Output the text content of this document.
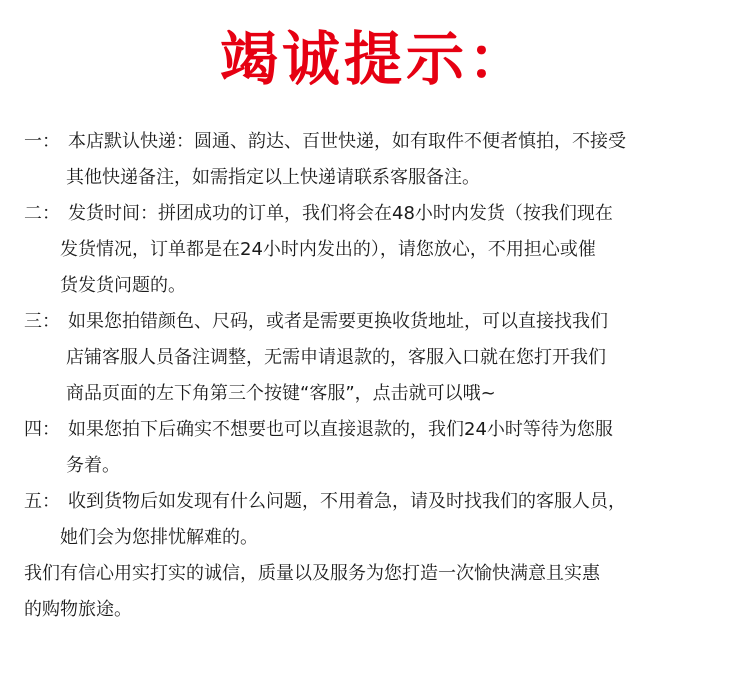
竭诚提示：
一： 本店默认快递：圆通、韵达、百世快递，如有取件不便者慎拍，不接受
其他快递备注，如需指定以上快递请联系客服备注。
二： 发货时间：拼团成功的订单，我们将会在48小时内发货（按我们现在
发货情况，订单都是在24小时内发出的），请您放心，不用担心或催
货发货问题的。
三： 如果您拍错颜色、尺码，或者是需要更换收货地址，可以直接找我们
店铺客服人员备注调整，无需申请退款的，客服入口就在您打开我们
商品页面的左下角第三个按键“客服”，点击就可以哦~
四： 如果您拍下后确实不想要也可以直接退款的，我们24小时等待为您服
务着。
五： 收到货物后如发现有什么问题，不用着急，请及时找我们的客服人员，
她们会为您排忧解难的。
我们有信心用实打实的诚信，质量以及服务为您打造一次愉快满意且实惠
的购物旅途。
